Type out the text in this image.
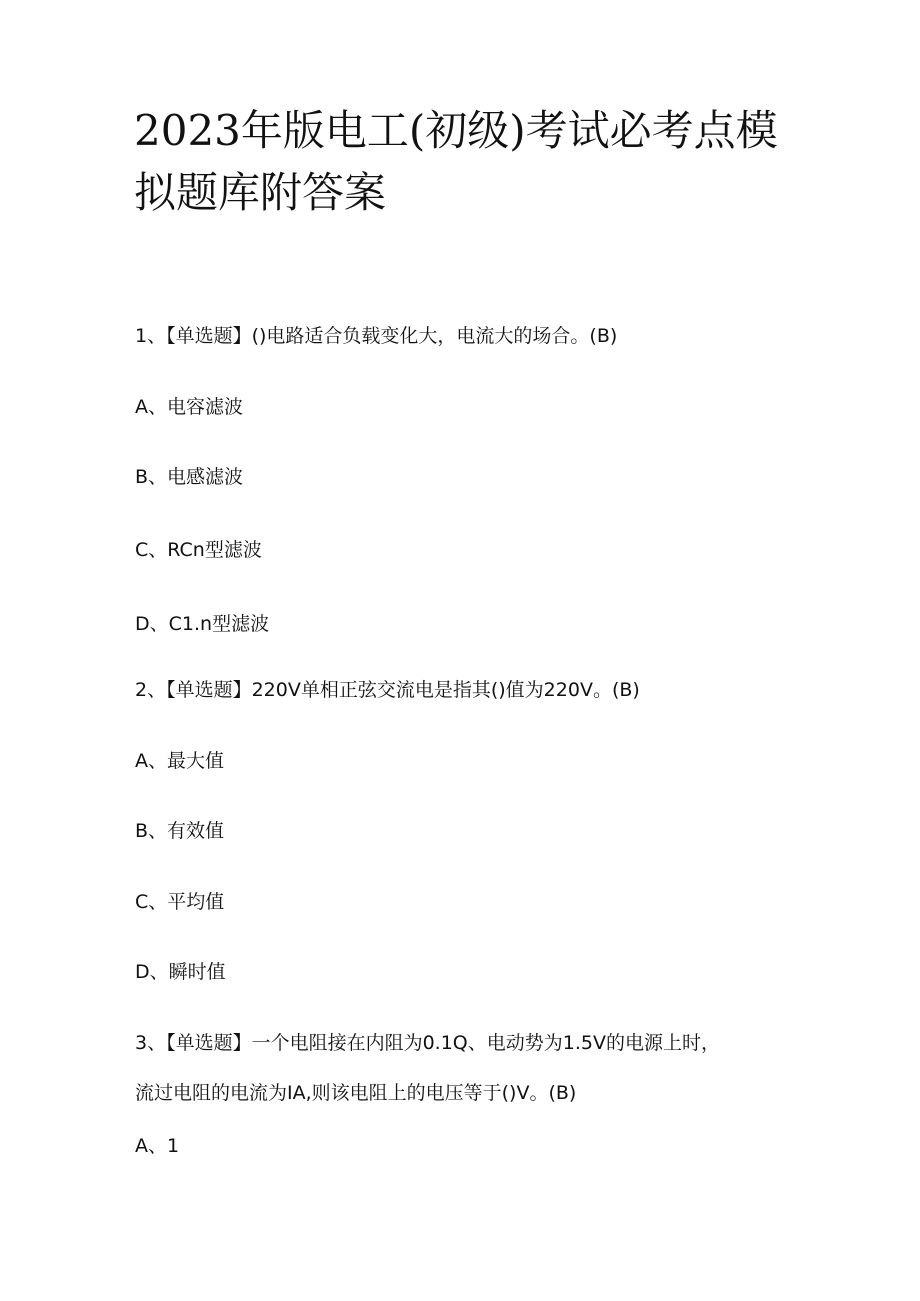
2023年版电工(初级)考试必考点模拟题库附答案
1、【单选题】()电路适合负载变化大，电流大的场合。(B)
A、电容滤波
B、电感滤波
C、RCn型滤波
D、C1.n型滤波
2、【单选题】220V单相正弦交流电是指其()值为220V。(B)
A、最大值
B、有效值
C、平均值
D、瞬时值
3、【单选题】一个电阻接在内阻为0.1Q、电动势为1.5V的电源上时，
流过电阻的电流为IA,则该电阻上的电压等于()V。(B)
A、1
